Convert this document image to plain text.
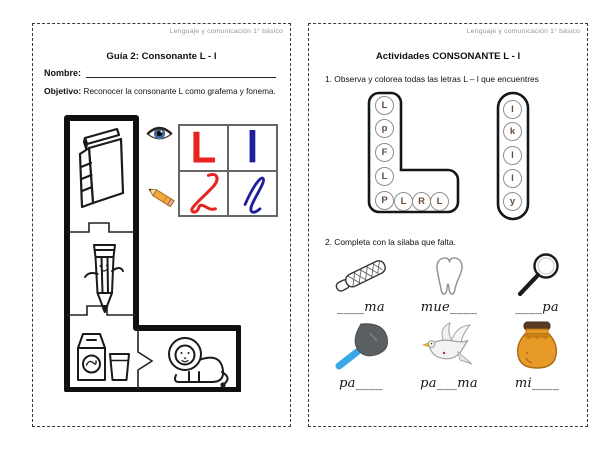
Lenguaje y comunicación 1° básico
Guía 2: Consonante L - l
Nombre:
Objetivo: Reconocer la consonante L como grafema y fonema.
L l
Lenguaje y comunicación 1° básico
Actividades CONSONANTE L - l
1. Observa y colorea todas las letras L – l que encuentres
L
p
F
L
P L R L
l
k
l
l
y
2. Completa con la silaba que falta.
____ma	mue____	____pa
pa____	pa___ma	mi____
